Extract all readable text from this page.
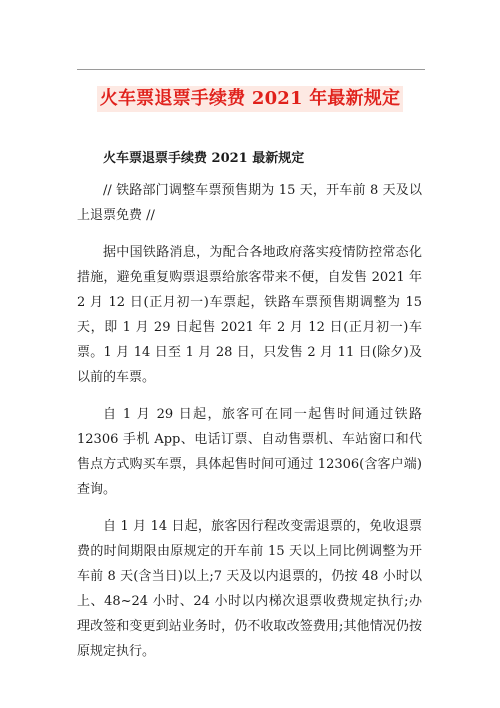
火车票退票手续费 2021 年最新规定

火车票退票手续费 2021 最新规定

// 铁路部门调整车票预售期为 15 天，开车前 8 天及以上退票免费 //

据中国铁路消息，为配合各地政府落实疫情防控常态化措施，避免重复购票退票给旅客带来不便，自发售 2021 年 2 月 12 日(正月初一)车票起，铁路车票预售期调整为 15 天，即 1 月 29 日起售 2021 年 2 月 12 日(正月初一)车票。1 月 14 日至 1 月 28 日，只发售 2 月 11 日(除夕)及以前的车票。

自 1 月 29 日起，旅客可在同一起售时间通过铁路 12306 手机 App、电话订票、自动售票机、车站窗口和代售点方式购买车票，具体起售时间可通过 12306(含客户端)查询。

自 1 月 14 日起，旅客因行程改变需退票的，免收退票费的时间期限由原规定的开车前 15 天以上同比例调整为开车前 8 天(含当日)以上;7 天及以内退票的，仍按 48 小时以上、48~24 小时、24 小时以内梯次退票收费规定执行;办理改签和变更到站业务时，仍不收取改签费用;其他情况仍按原规定执行。
